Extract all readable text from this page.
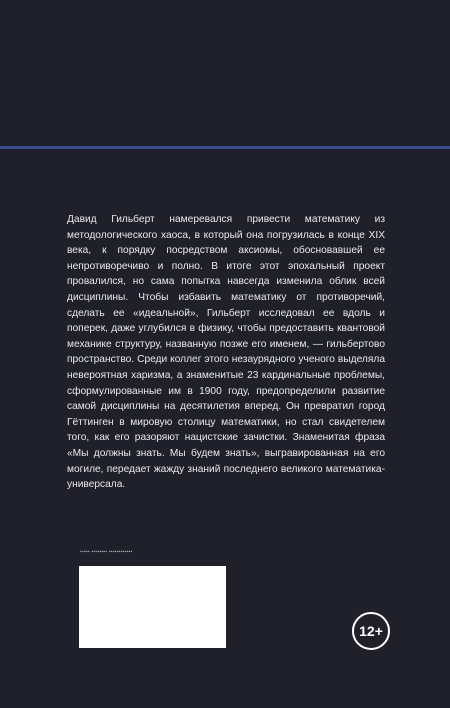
Давид Гильберт намеревался привести математику из методологического хаоса, в который она погрузилась в конце XIX века, к порядку посредством аксиомы, обосновавшей ее непротиворечиво и полно. В итоге этот эпохальный проект провалился, но сама попытка навсегда изменила облик всей дисциплины. Чтобы избавить математику от противоречий, сделать ее «идеальной», Гильберт исследовал ее вдоль и поперек, даже углубился в физику, чтобы предоставить квантовой механике структуру, названную позже его именем, — гильбертово пространство. Среди коллег этого незаурядного ученого выделяла невероятная харизма, а знаменитые 23 кардинальные проблемы, сформулированные им в 1900 году, предопределили развитие самой дисциплины на десятилетия вперед. Он превратил город Гёттинген в мировую столицу математики, но стал свидетелем того, как его разоряют нацистские зачистки. Знаменитая фраза «Мы должны знать. Мы будем знать», выгравированная на его могиле, передает жажду знаний последнего великого математика-универсала.

▪▪▪▪▪ ▪▪▪▪▪▪▪▪ ▪▪▪▪▪▪▪▪▪▪▪▪
12+
